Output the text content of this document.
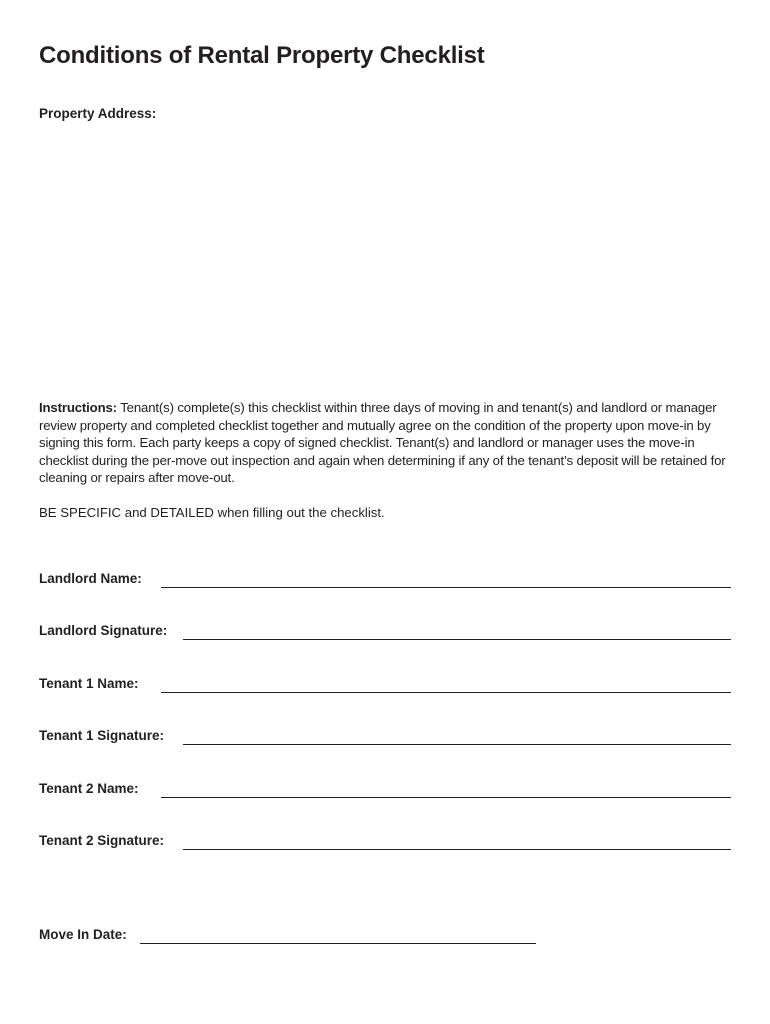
Conditions of Rental Property Checklist
Property Address:

Instructions: Tenant(s) complete(s) this checklist within three days of moving in and tenant(s) and landlord or manager review property and completed checklist together and mutually agree on the condition of the property upon move-in by signing this form. Each party keeps a copy of signed checklist. Tenant(s) and landlord or manager uses the move-in checklist during the per-move out inspection and again when determining if any of the tenant’s deposit will be retained for cleaning or repairs after move-out.

BE SPECIFIC and DETAILED when filling out the checklist.

Landlord Name:
Landlord Signature:
Tenant 1 Name:
Tenant 1 Signature:
Tenant 2 Name:
Tenant 2 Signature:
Move In Date:
